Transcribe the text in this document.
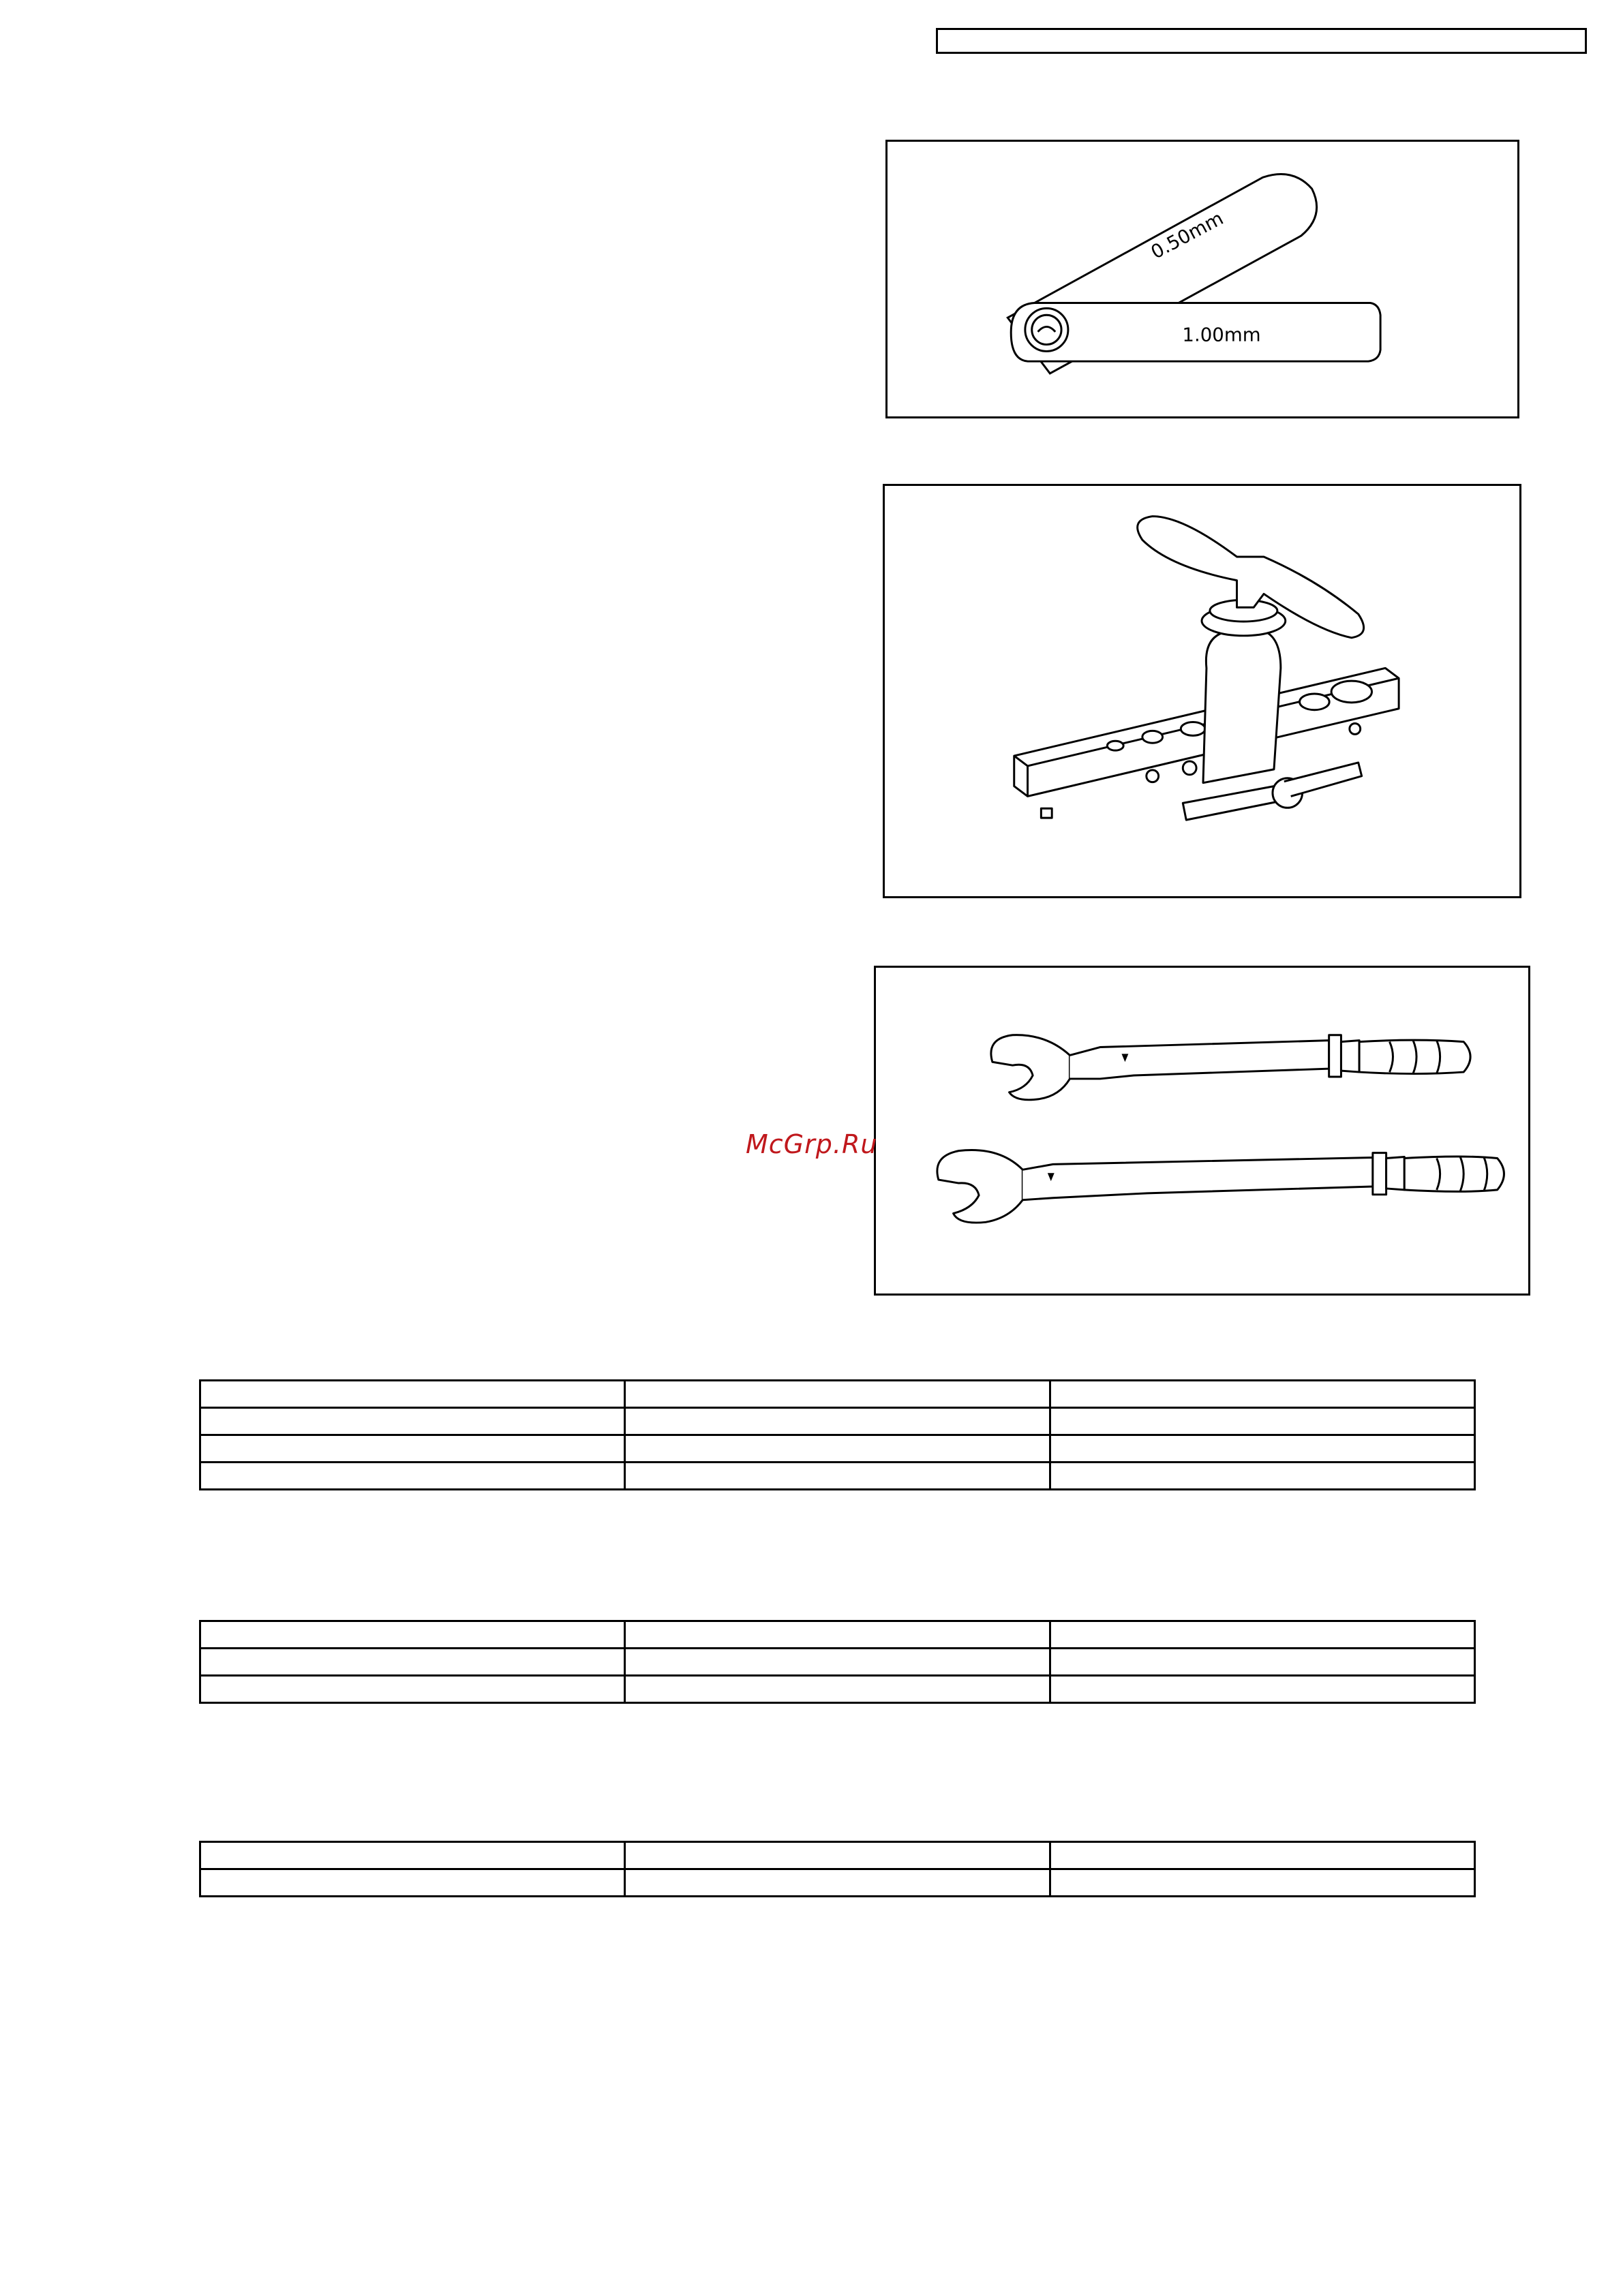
0.50mm
1.00mm
McGrp.Ru
